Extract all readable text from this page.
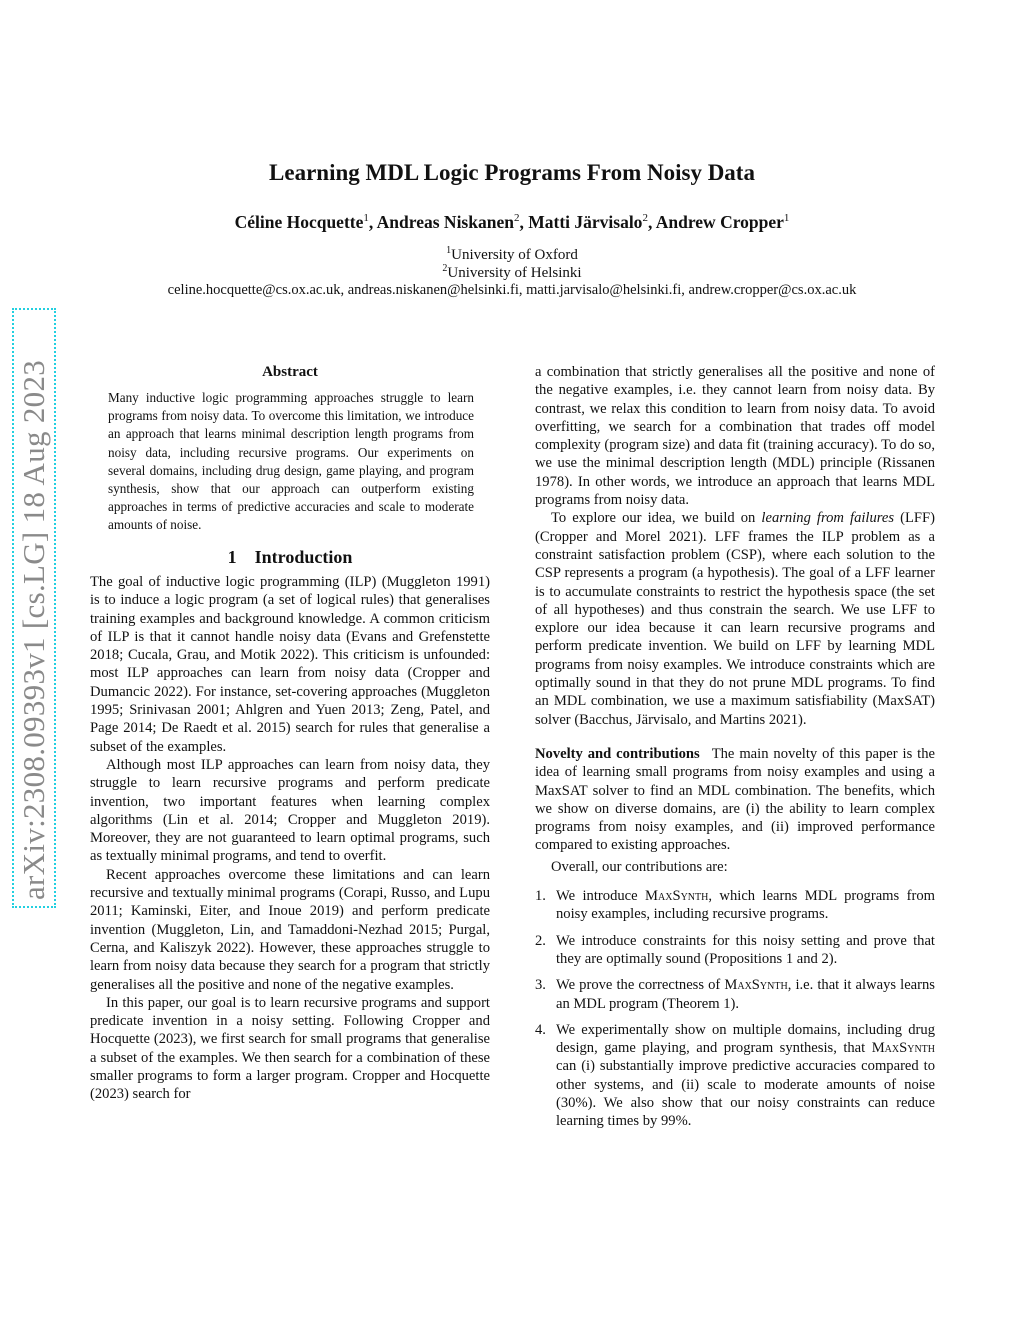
Learning MDL Logic Programs From Noisy Data
Céline Hocquette$^1$, Andreas Niskanen$^2$, Matti Järvisalo$^2$, Andrew Cropper$^1$
$^1$University of Oxford
$^2$University of Helsinki
celine.hocquette@cs.ox.ac.uk, andreas.niskanen@helsinki.fi, matti.jarvisalo@helsinki.fi, andrew.cropper@cs.ox.ac.uk
arXiv:2308.09393v1 [cs.LG] 18 Aug 2023	Abstract
Many inductive logic programming approaches struggle to learn programs from noisy data. To overcome this limitation, we introduce an approach that learns minimal description length programs from noisy data, including recursive programs. Our experiments on several domains, including drug design, game playing, and program synthesis, show that our approach can outperform existing approaches in terms of predictive accuracies and scale to moderate amounts of noise.
1 Introduction

The goal of inductive logic programming (ILP) (Muggleton 1991) is to induce a logic program (a set of logical rules) that generalises training examples and background knowledge. A common criticism of ILP is that it cannot handle noisy data (Evans and Grefenstette 2018; Cucala, Grau, and Motik 2022). This criticism is unfounded: most ILP approaches can learn from noisy data (Cropper and Dumancic 2022). For instance, set-covering approaches (Muggleton 1995; Srinivasan 2001; Ahlgren and Yuen 2013; Zeng, Patel, and Page 2014; De Raedt et al. 2015) search for rules that generalise a subset of the examples.

Although most ILP approaches can learn from noisy data, they struggle to learn recursive programs and perform predicate invention, two important features when learning complex algorithms (Lin et al. 2014; Cropper and Muggleton 2019). Moreover, they are not guaranteed to learn optimal programs, such as textually minimal programs, and tend to overfit.

Recent approaches overcome these limitations and can learn recursive and textually minimal programs (Corapi, Russo, and Lupu 2011; Kaminski, Eiter, and Inoue 2019) and perform predicate invention (Muggleton, Lin, and Tamaddoni-Nezhad 2015; Purgal, Cerna, and Kaliszyk 2022). However, these approaches struggle to learn from noisy data because they search for a program that strictly generalises all the positive and none of the negative examples.

In this paper, our goal is to learn recursive programs and support predicate invention in a noisy setting. Following Cropper and Hocquette (2023), we first search for small programs that generalise a subset of the examples. We then search for a combination of these smaller programs to form a larger program. Cropper and Hocquette (2023) search for

a combination that strictly generalises all the positive and none of the negative examples, i.e. they cannot learn from noisy data. By contrast, we relax this condition to learn from noisy data. To avoid overfitting, we search for a combination that trades off model complexity (program size) and data fit (training accuracy). To do so, we use the minimal description length (MDL) principle (Rissanen 1978). In other words, we introduce an approach that learns MDL programs from noisy data.

To explore our idea, we build on learning from failures (LFF) (Cropper and Morel 2021). LFF frames the ILP problem as a constraint satisfaction problem (CSP), where each solution to the CSP represents a program (a hypothesis). The goal of a LFF learner is to accumulate constraints to restrict the hypothesis space (the set of all hypotheses) and thus constrain the search. We use LFF to explore our idea because it can learn recursive programs and perform predicate invention. We build on LFF by learning MDL programs from noisy examples. We introduce constraints which are optimally sound in that they do not prune MDL programs. To find an MDL combination, we use a maximum satisfiability (MaxSAT) solver (Bacchus, Järvisalo, and Martins 2021).

Novelty and contributions The main novelty of this paper is the idea of learning small programs from noisy examples and using a MaxSAT solver to find an MDL combination. The benefits, which we show on diverse domains, are (i) the ability to learn complex programs from noisy examples, and (ii) improved performance compared to existing approaches.

Overall, our contributions are:

1. We introduce MaxSynth, which learns MDL programs from noisy examples, including recursive programs.
2. We introduce constraints for this noisy setting and prove that they are optimally sound (Propositions 1 and 2).
3. We prove the correctness of MaxSynth, i.e. that it always learns an MDL program (Theorem 1).
4. We experimentally show on multiple domains, including drug design, game playing, and program synthesis, that MaxSynth can (i) substantially improve predictive accuracies compared to other systems, and (ii) scale to moderate amounts of noise (30%). We also show that our noisy constraints can reduce learning times by 99%.
